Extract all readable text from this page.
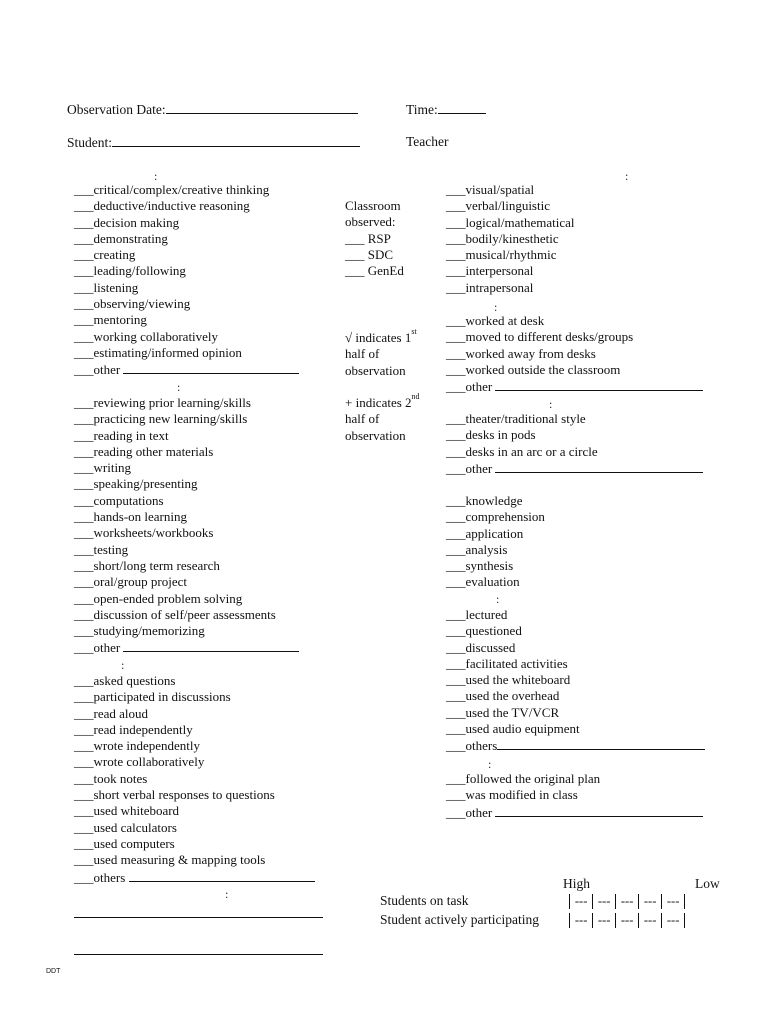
Observation Date:	Time:
Student:	Teacher
:	:
:
:
:
:
:
:
:
___critical/complex/creative thinking
___deductive/inductive reasoning
___decision making
___demonstrating
___creating
___leading/following
___listening
___observing/viewing
___mentoring
___working collaboratively
___estimating/informed opinion
___other
___reviewing prior learning/skills
___practicing new learning/skills
___reading in text
___reading other materials
___writing
___speaking/presenting
___computations
___hands-on learning
___worksheets/workbooks
___testing
___short/long term research
___oral/group project
___open-ended problem solving
___discussion of self/peer assessments
___studying/memorizing
___other
___asked questions
___participated in discussions
___read aloud
___read independently
___wrote independently
___wrote collaboratively
___took notes
___short verbal responses to questions
___used whiteboard
___used calculators
___used computers
___used measuring & mapping tools
___others
Classroom
observed:
___ RSP
___ SDC
___ GenEd
√ indicates 1st
half of
observation
+ indicates 2nd
half of
observation
___visual/spatial
___verbal/linguistic
___logical/mathematical
___bodily/kinesthetic
___musical/rhythmic
___interpersonal
___intrapersonal
___worked at desk
___moved to different desks/groups
___worked away from desks
___worked outside the classroom
___other
___theater/traditional style
___desks in pods
___desks in an arc or a circle
___other
___knowledge
___comprehension
___application
___analysis
___synthesis
___evaluation
___lectured
___questioned
___discussed
___facilitated activities
___used the whiteboard
___used the overhead
___used the TV/VCR
___used audio equipment
___others
___followed the original plan
___was modified in class
___other
High	Low
Students on task	--- --- --- --- ---
Student actively participating	--- --- --- --- ---
DDT
